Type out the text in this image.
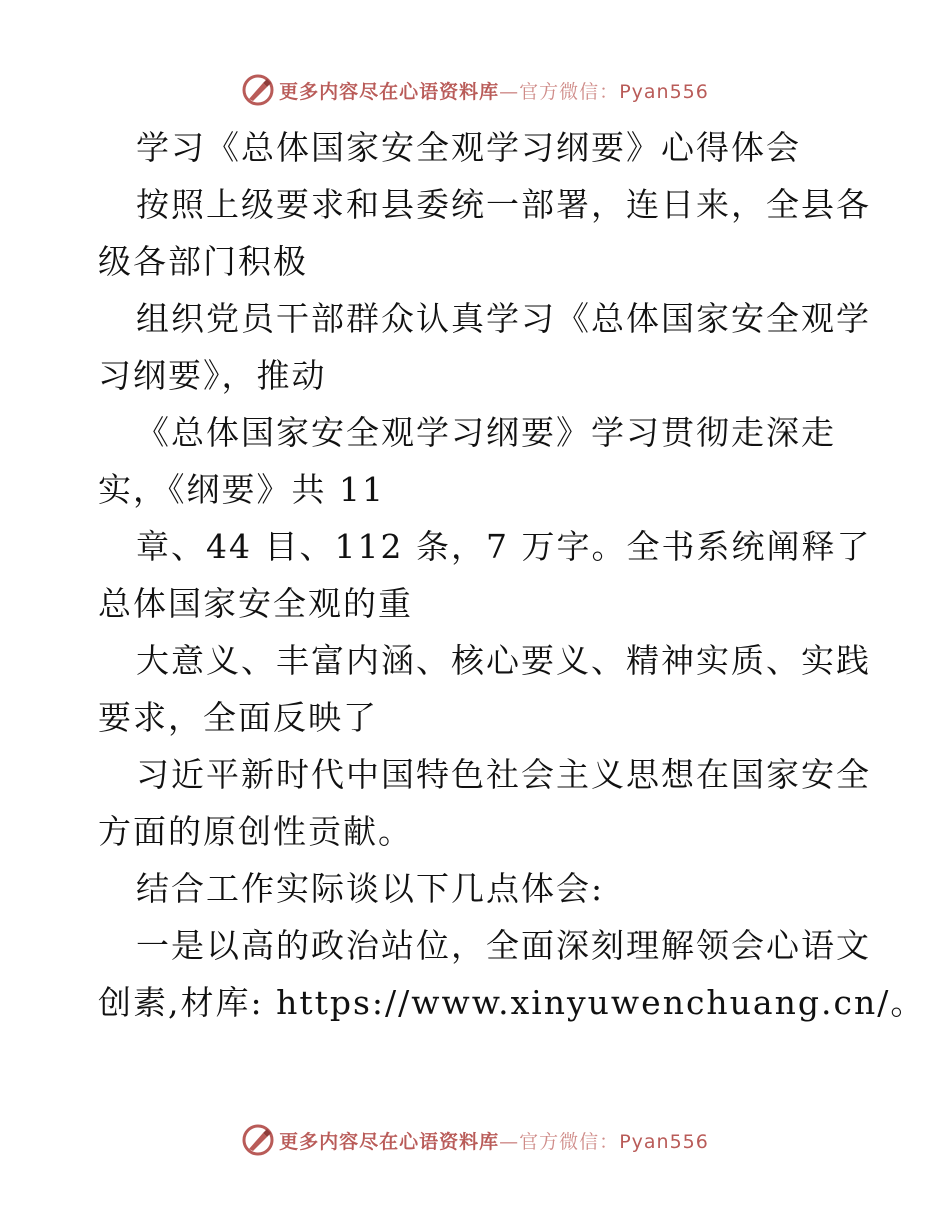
更多内容尽在心语资料库—官方微信：Pyan556
学习《总体国家安全观学习纲要》心得体会
按照上级要求和县委统一部署，连日来，全县各
级各部门积极
组织党员干部群众认真学习《总体国家安全观学
习纲要》，推动
《总体国家安全观学习纲要》学习贯彻走深走
实，《纲要》共 11
章、44 目、112 条，7 万字。全书系统阐释了
总体国家安全观的重
大意义、丰富内涵、核心要义、精神实质、实践
要求，全面反映了
习近平新时代中国特色社会主义思想在国家安全
方面的原创性贡献。
结合工作实际谈以下几点体会:
一是以高的政治站位，全面深刻理解领会心语文
创素,材库: https://www.xinyuwenchuang.cn/。
更多内容尽在心语资料库—官方微信：Pyan556
